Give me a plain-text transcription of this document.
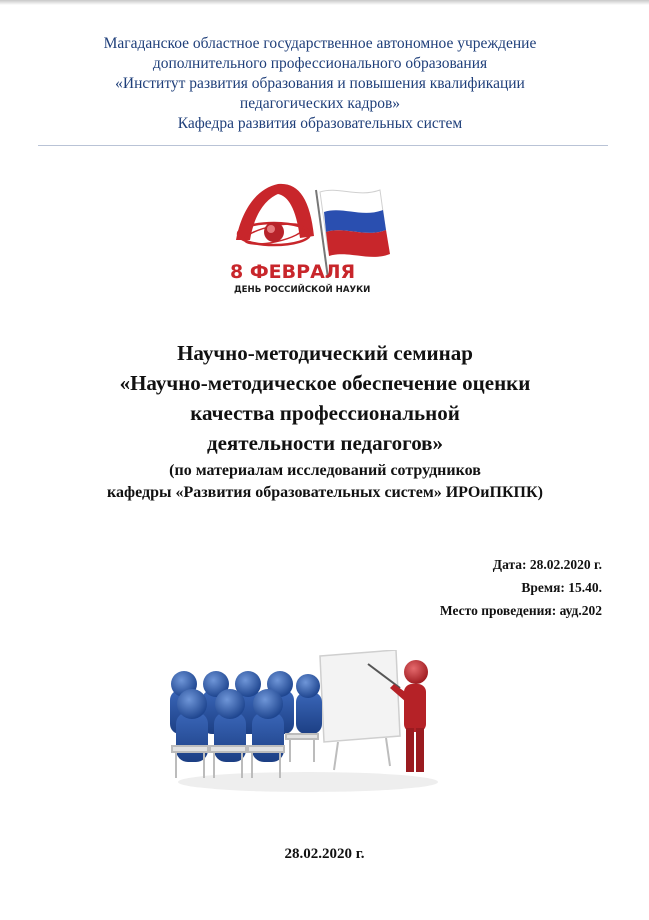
Магаданское областное государственное автономное учреждение
дополнительного профессионального образования
«Институт развития образования и повышения квалификации
педагогических кадров»
Кафедра развития образовательных систем
8 ФЕВРАЛЯ
ДЕНЬ РОССИЙСКОЙ НАУКИ
Научно-методический семинар
«Научно-методическое обеспечение оценки
качества профессиональной
деятельности педагогов»
(по материалам исследований сотрудников
кафедры «Развития образовательных систем» ИРОиПКПК)
Дата: 28.02.2020 г.
Время: 15.40.
Место проведения: ауд.202
28.02.2020 г.
